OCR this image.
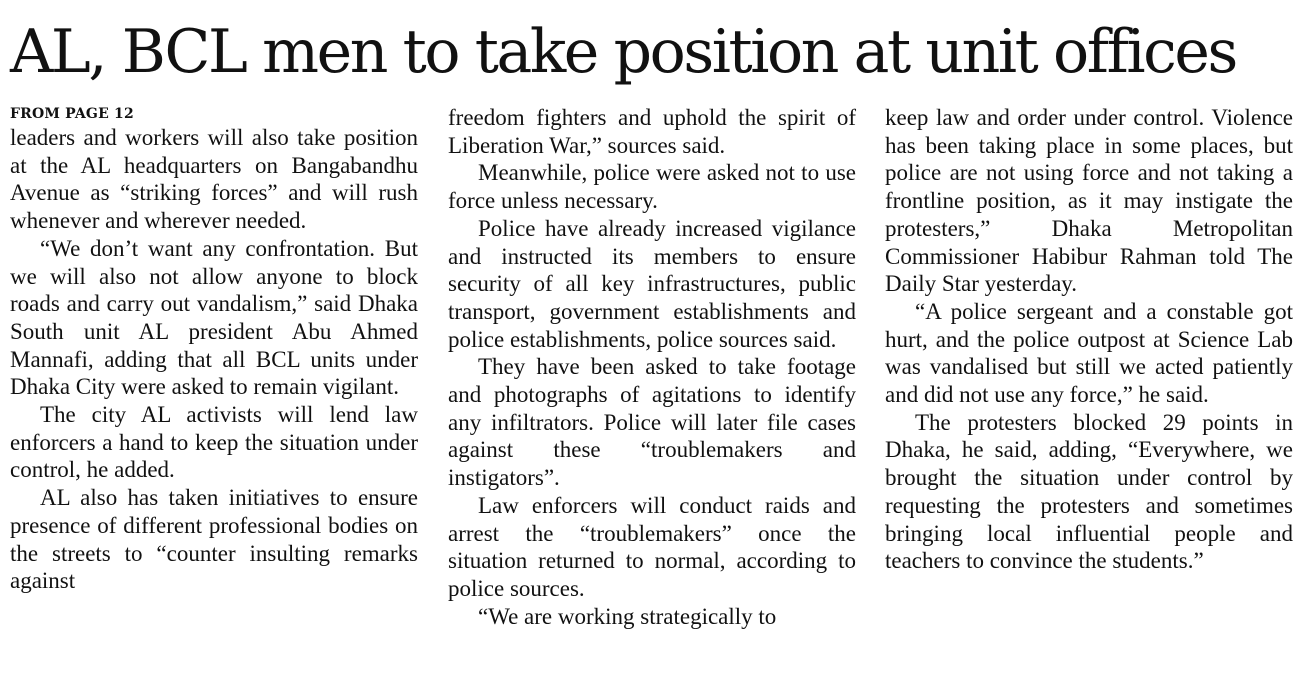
AL, BCL men to take position at unit offices
FROM PAGE 12

leaders and workers will also take position at the AL headquarters on Bangabandhu Avenue as “striking forces” and will rush whenever and wherever needed.

“We don’t want any confrontation. But we will also not allow anyone to block roads and carry out vandalism,” said Dhaka South unit AL president Abu Ahmed Mannafi, adding that all BCL units under Dhaka City were asked to remain vigilant.

The city AL activists will lend law enforcers a hand to keep the situation under control, he added.

AL also has taken initiatives to ensure presence of different professional bodies on the streets to “counter insulting remarks against

freedom fighters and uphold the spirit of Liberation War,” sources said.

Meanwhile, police were asked not to use force unless necessary.

Police have already increased vigilance and instructed its members to ensure security of all key infrastructures, public transport, government establishments and police establishments, police sources said.

They have been asked to take footage and photographs of agitations to identify any infiltrators. Police will later file cases against these “troublemakers and instigators”.

Law enforcers will conduct raids and arrest the “troublemakers” once the situation returned to normal, according to police sources.

“We are working strategically to

keep law and order under control. Violence has been taking place in some places, but police are not using force and not taking a frontline position, as it may instigate the protesters,” Dhaka Metropolitan Commissioner Habibur Rahman told The Daily Star yesterday.

“A police sergeant and a constable got hurt, and the police outpost at Science Lab was vandalised but still we acted patiently and did not use any force,” he said.

The protesters blocked 29 points in Dhaka, he said, adding, “Everywhere, we brought the situation under control by requesting the protesters and sometimes bringing local influential people and teachers to convince the students.”
